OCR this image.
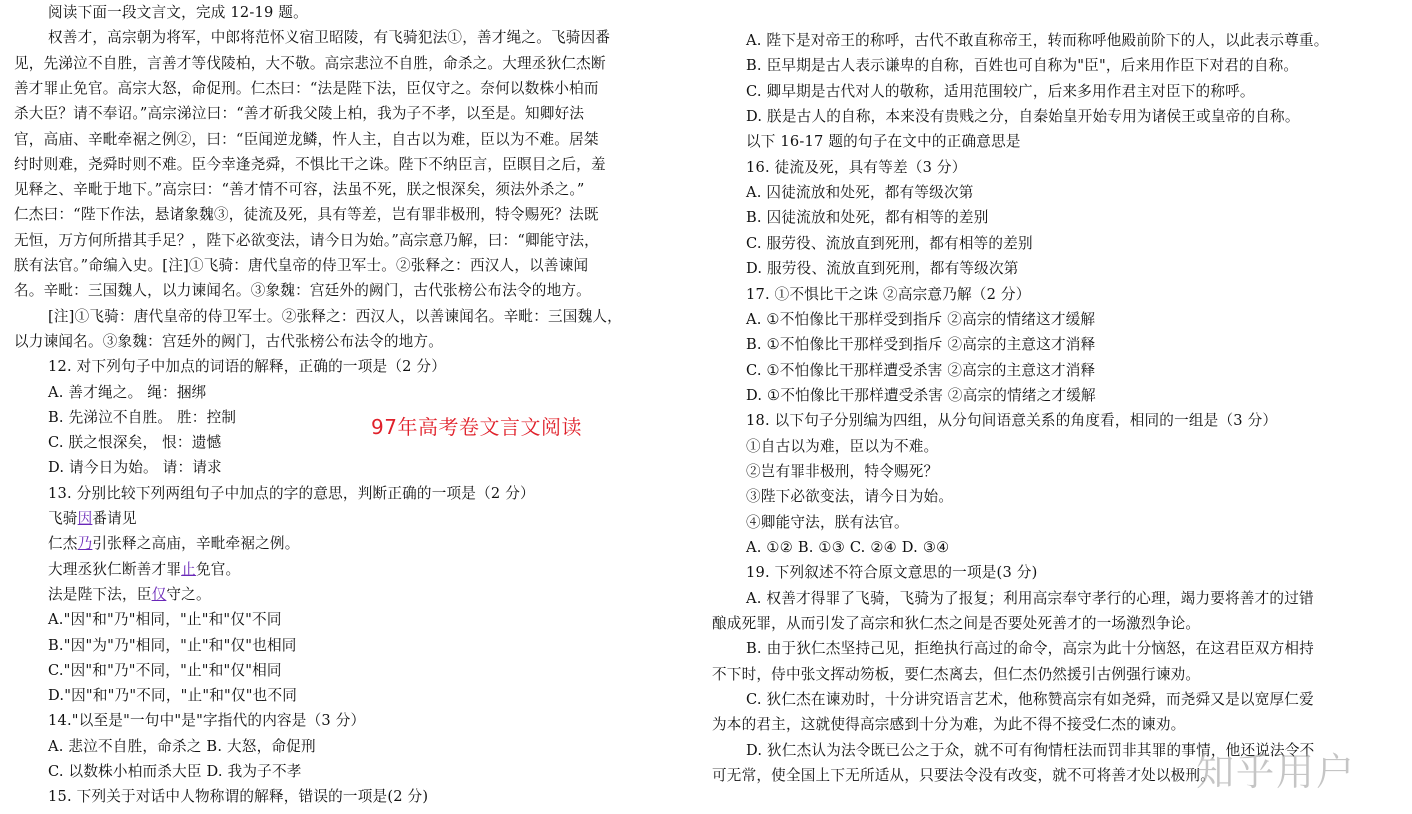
阅读下面一段文言文，完成 12-19 题。
权善才，高宗朝为将军，中郎将范怀义宿卫昭陵，有飞骑犯法①，善才绳之。飞骑因番
见，先涕泣不自胜，言善才等伐陵柏，大不敬。高宗悲泣不自胜，命杀之。大理丞狄仁杰断
善才罪止免官。高宗大怒，命促刑。仁杰曰：“法是陛下法，臣仅守之。奈何以数株小柏而
杀大臣？请不奉诏。”高宗涕泣曰：“善才斫我父陵上柏，我为子不孝，以至是。知卿好法
官，高庙、辛毗牵裾之例②，曰：“臣闻逆龙鳞，忤人主，自古以为难，臣以为不难。居桀
纣时则难，尧舜时则不难。臣今幸逢尧舜，不惧比干之诛。陛下不纳臣言，臣瞑目之后，羞
见释之、辛毗于地下。”高宗曰：“善才情不可容，法虽不死，朕之恨深矣，须法外杀之。”
仁杰曰：“陛下作法，悬诸象魏③，徒流及死，具有等差，岂有罪非极刑，特令赐死？法既
无恒，万方何所措其手足？，陛下必欲变法，请今日为始。”高宗意乃解，曰：“卿能守法，
朕有法官。”命编入史。[注]①飞骑：唐代皇帝的侍卫军士。②张释之：西汉人，以善谏闻
名。辛毗：三国魏人，以力谏闻名。③象魏：宫廷外的阙门，古代张榜公布法令的地方。
[注]①飞骑：唐代皇帝的侍卫军士。②张释之：西汉人，以善谏闻名。辛毗：三国魏人，
以力谏闻名。③象魏：宫廷外的阙门，古代张榜公布法令的地方。
12. 对下列句子中加点的词语的解释，正确的一项是（2 分）
A. 善才绳之。 绳：捆绑
B. 先涕泣不自胜。 胜：控制
C. 朕之恨深矣， 恨：遗憾
D. 请今日为始。 请：请求
13. 分别比较下列两组句子中加点的字的意思，判断正确的一项是（2 分）
飞骑因番请见
仁杰乃引张释之高庙，辛毗牵裾之例。
大理丞狄仁断善才罪止免官。
法是陛下法，臣仅守之。
A."因"和"乃"相同，"止"和"仅"不同
B."因"为"乃"相同，"止"和"仅"也相同
C."因"和"乃"不同，"止"和"仅"相同
D."因"和"乃"不同，"止"和"仅"也不同
14."以至是"一句中"是"字指代的内容是（3 分）
A. 悲泣不自胜，命杀之 B. 大怒，命促刑
C. 以数株小柏而杀大臣 D. 我为子不孝
15. 下列关于对话中人物称谓的解释，错误的一项是(2 分)
A. 陛下是对帝王的称呼，古代不敢直称帝王，转而称呼他殿前阶下的人，以此表示尊重。
B. 臣早期是古人表示谦卑的自称，百姓也可自称为"臣"，后来用作臣下对君的自称。
C. 卿早期是古代对人的敬称，适用范围较广，后来多用作君主对臣下的称呼。
D. 朕是古人的自称，本来没有贵贱之分，自秦始皇开始专用为诸侯王或皇帝的自称。
以下 16-17 题的句子在文中的正确意思是
16. 徒流及死，具有等差（3 分）
A. 囚徒流放和处死，都有等级次第
B. 囚徒流放和处死，都有相等的差别
C. 服劳役、流放直到死刑，都有相等的差别
D. 服劳役、流放直到死刑，都有等级次第
17. ①不惧比干之诛 ②高宗意乃解（2 分）
A. ①不怕像比干那样受到指斥 ②高宗的情绪这才缓解
B. ①不怕像比干那样受到指斥 ②高宗的主意这才消释
C. ①不怕像比干那样遭受杀害 ②高宗的主意这才消释
D. ①不怕像比干那样遭受杀害 ②高宗的情绪之才缓解
18. 以下句子分别编为四组，从分句间语意关系的角度看，相同的一组是（3 分）
①自古以为难，臣以为不难。
②岂有罪非极刑，特令赐死？
③陛下必欲变法，请今日为始。
④卿能守法，朕有法官。
A. ①② B. ①③ C. ②④ D. ③④
19. 下列叙述不符合原文意思的一项是(3 分)
A. 权善才得罪了飞骑，飞骑为了报复；利用高宗奉守孝行的心理，竭力要将善才的过错
酿成死罪，从而引发了高宗和狄仁杰之间是否要处死善才的一场激烈争论。
B. 由于狄仁杰坚持己见，拒绝执行高过的命令，高宗为此十分恼怒，在这君臣双方相持
不下时，侍中张文挥动笏板，要仁杰离去，但仁杰仍然援引古例强行谏劝。
C. 狄仁杰在谏劝时，十分讲究语言艺术，他称赞高宗有如尧舜，而尧舜又是以宽厚仁爱
为本的君主，这就使得高宗感到十分为难，为此不得不接受仁杰的谏劝。
D. 狄仁杰认为法令既已公之于众，就不可有徇情枉法而罚非其罪的事情，他还说法令不
可无常，使全国上下无所适从，只要法令没有改变，就不可将善才处以极刑。
97年高考卷文言文阅读
知乎用户
